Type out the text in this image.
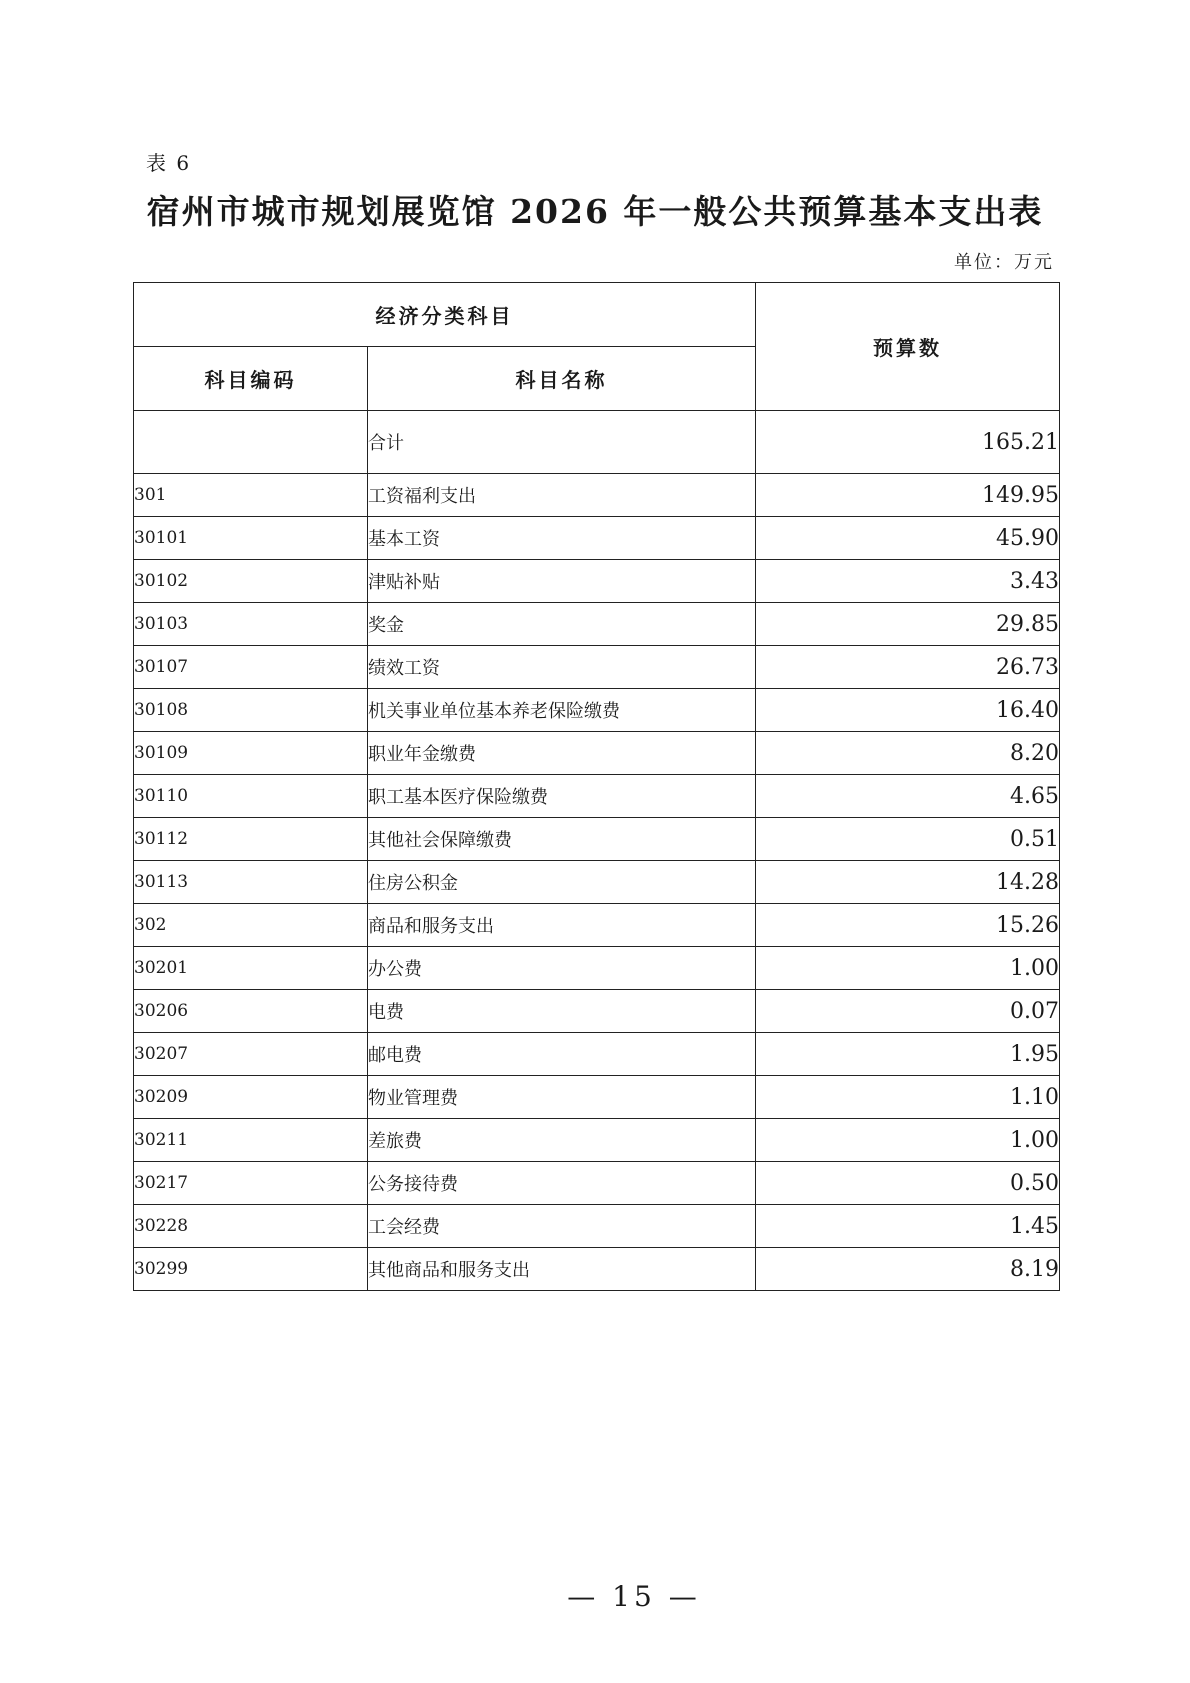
表 6
宿州市城市规划展览馆 2026 年一般公共预算基本支出表
单位：万元
经济分类科目		预算数
科目编码	科目名称	
	合计	165.21
301	工资福利支出	149.95
30101	基本工资	45.90
30102	津贴补贴	3.43
30103	奖金	29.85
30107	绩效工资	26.73
30108	机关事业单位基本养老保险缴费	16.40
30109	职业年金缴费	8.20
30110	职工基本医疗保险缴费	4.65
30112	其他社会保障缴费	0.51
30113	住房公积金	14.28
302	商品和服务支出	15.26
30201	办公费	1.00
30206	电费	0.07
30207	邮电费	1.95
30209	物业管理费	1.10
30211	差旅费	1.00
30217	公务接待费	0.50
30228	工会经费	1.45
30299	其他商品和服务支出	8.19
— 15 —
